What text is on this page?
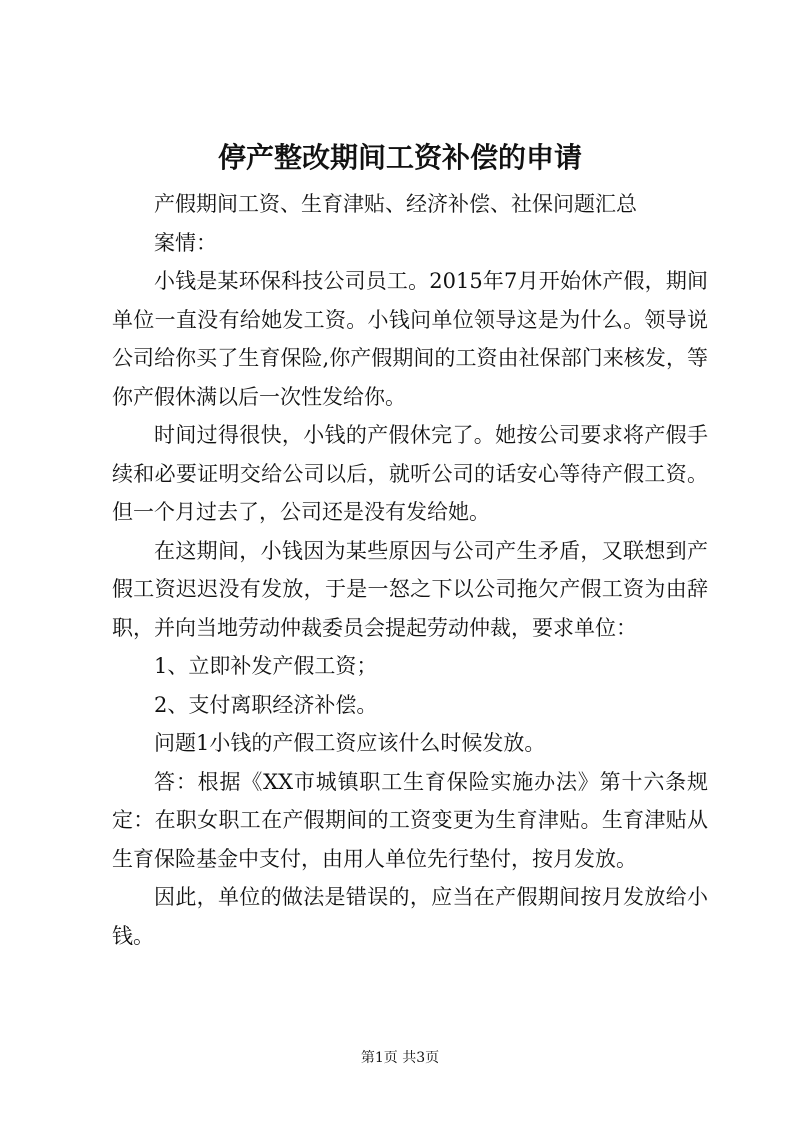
停产整改期间工资补偿的申请

产假期间工资、生育津贴、经济补偿、社保问题汇总

案情：

小钱是某环保科技公司员工。2015年7月开始休产假，期间单位一直没有给她发工资。小钱问单位领导这是为什么。领导说公司给你买了生育保险,你产假期间的工资由社保部门来核发，等你产假休满以后一次性发给你。

时间过得很快，小钱的产假休完了。她按公司要求将产假手续和必要证明交给公司以后，就听公司的话安心等待产假工资。但一个月过去了，公司还是没有发给她。

在这期间，小钱因为某些原因与公司产生矛盾，又联想到产假工资迟迟没有发放，于是一怒之下以公司拖欠产假工资为由辞职，并向当地劳动仲裁委员会提起劳动仲裁，要求单位：

1、立即补发产假工资；

2、支付离职经济补偿。

问题1小钱的产假工资应该什么时候发放。

答：根据《XX市城镇职工生育保险实施办法》第十六条规定：在职女职工在产假期间的工资变更为生育津贴。生育津贴从生育保险基金中支付，由用人单位先行垫付，按月发放。

因此，单位的做法是错误的，应当在产假期间按月发放给小钱。

第1页 共3页
